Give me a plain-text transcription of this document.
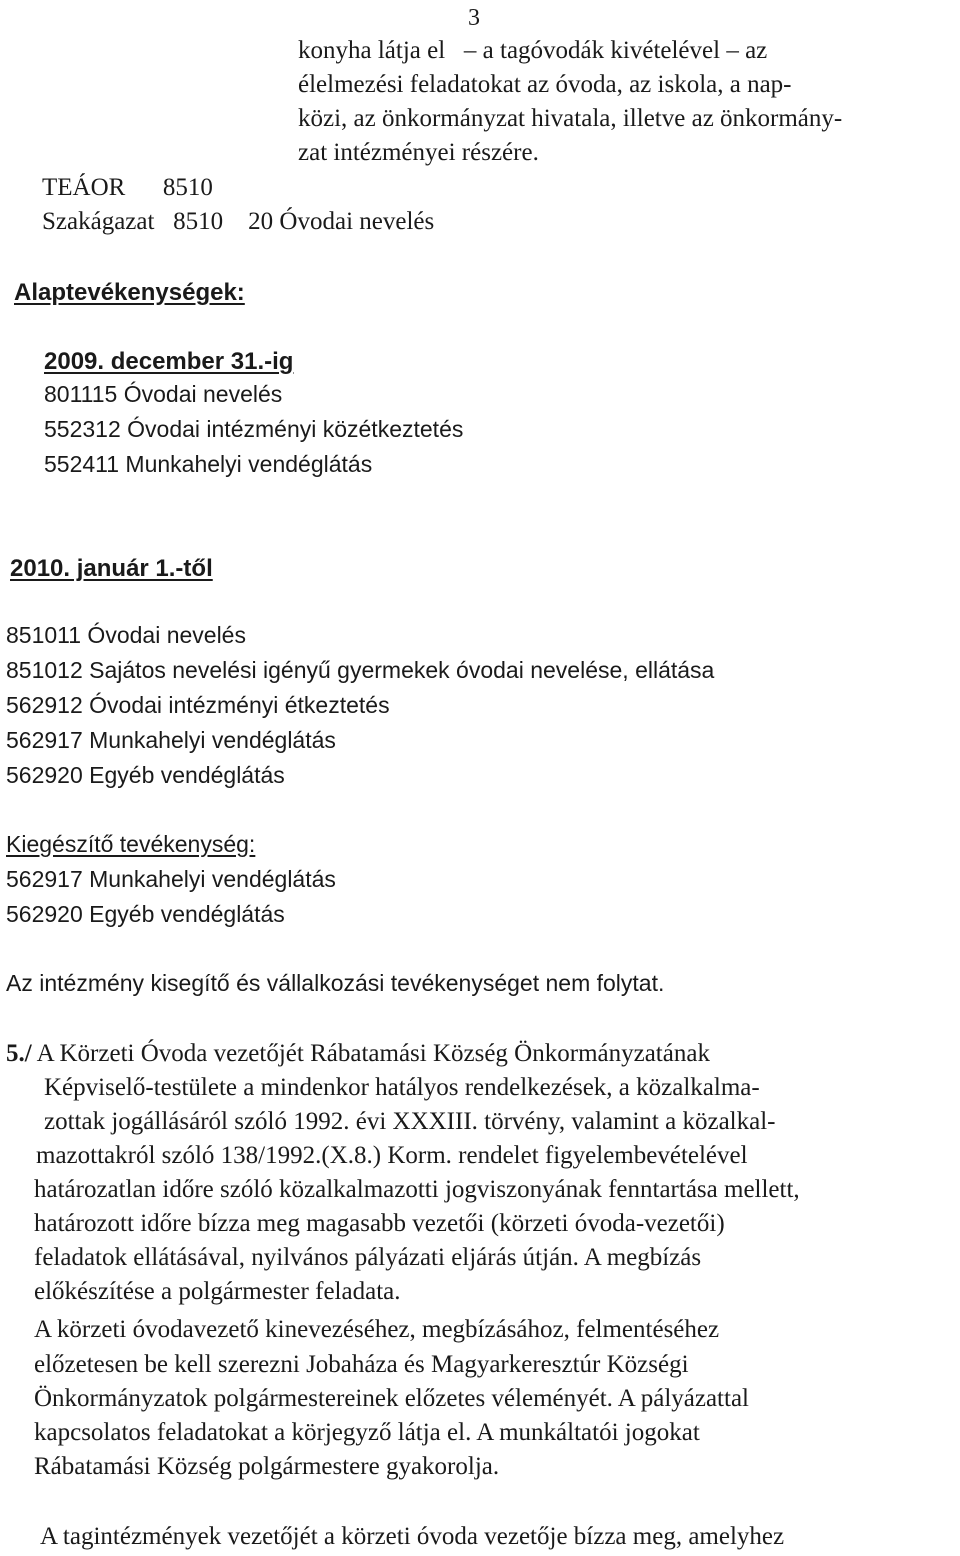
3
konyha látja el  – a tagóvodák kivételével – az
élelmezési feladatokat az óvoda, az iskola, a nap-
közi, az önkormányzat hivatala, illetve az önkormány-
zat intézményei részére.
TEÁOR   8510
Szakágazat  8510 20 Óvodai nevelés
Alaptevékenységek:
2009. december 31.-ig
801115 Óvodai nevelés
552312 Óvodai intézményi közétkeztetés
552411 Munkahelyi vendéglátás
2010. január 1.-től
851011 Óvodai nevelés
851012 Sajátos nevelési igényű gyermekek óvodai nevelése, ellátása
562912 Óvodai intézményi étkeztetés
562917 Munkahelyi vendéglátás
562920 Egyéb vendéglátás
Kiegészítő tevékenység:
562917 Munkahelyi vendéglátás
562920 Egyéb vendéglátás
Az intézmény kisegítő és vállalkozási tevékenységet nem folytat.
5./ A Körzeti Óvoda vezetőjét Rábatamási Község Önkormányzatának
Képviselő-testülete a mindenkor hatályos rendelkezések, a közalkalma-
zottak jogállásáról szóló 1992. évi XXXIII. törvény, valamint a közalkal-
mazottakról szóló 138/1992.(X.8.) Korm. rendelet figyelembevételével
határozatlan időre szóló közalkalmazotti jogviszonyának fenntartása mellett,
határozott időre bízza meg magasabb vezetői (körzeti óvoda-vezetői)
feladatok ellátásával, nyilvános pályázati eljárás útján. A megbízás
előkészítése a polgármester feladata.
A körzeti óvodavezető kinevezéséhez, megbízásához, felmentéséhez
előzetesen be kell szerezni Jobaháza és Magyarkeresztúr Községi
Önkormányzatok polgármestereinek előzetes véleményét. A pályázattal
kapcsolatos feladatokat a körjegyző látja el. A munkáltatói jogokat
Rábatamási Község polgármestere gyakorolja.
A tagintézmények vezetőjét a körzeti óvoda vezetője bízza meg, amelyhez
